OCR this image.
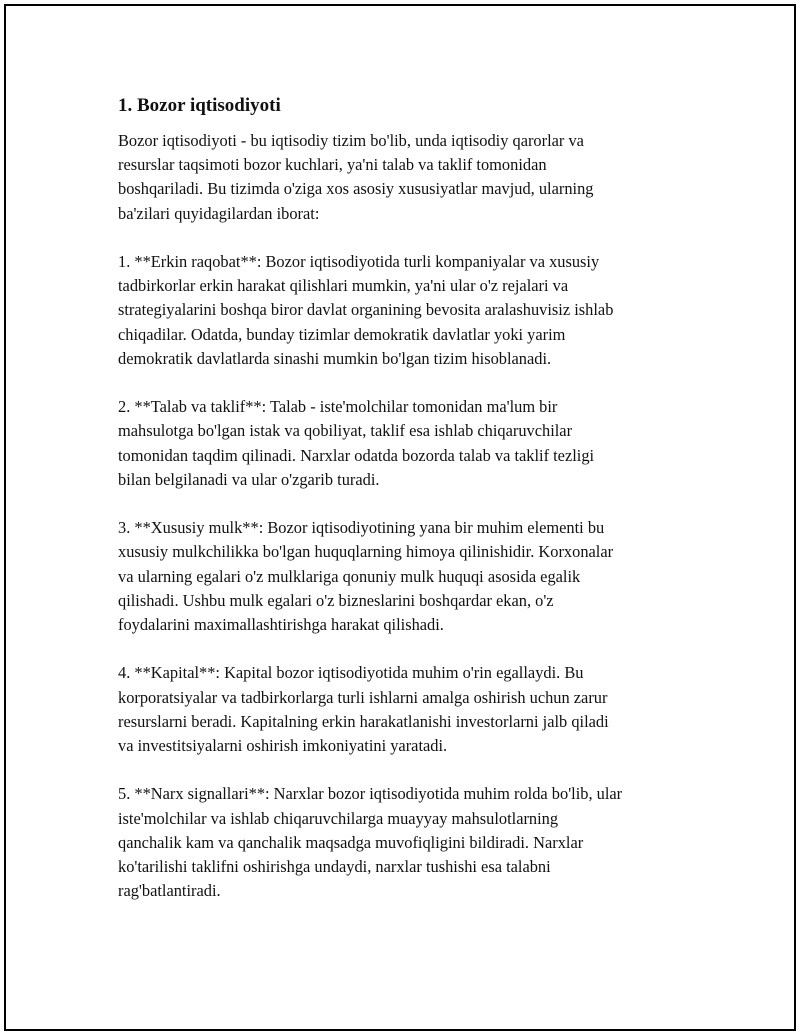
1. Bozor iqtisodiyoti

Bozor iqtisodiyoti - bu iqtisodiy tizim bo'lib, unda iqtisodiy qarorlar va
resurslar taqsimoti bozor kuchlari, ya'ni talab va taklif tomonidan
boshqariladi. Bu tizimda o'ziga xos asosiy xususiyatlar mavjud, ularning
ba'zilari quyidagilardan iborat:

1. **Erkin raqobat**: Bozor iqtisodiyotida turli kompaniyalar va xususiy
tadbirkorlar erkin harakat qilishlari mumkin, ya'ni ular o'z rejalari va
strategiyalarini boshqa biror davlat organining bevosita aralashuvisiz ishlab
chiqadilar. Odatda, bunday tizimlar demokratik davlatlar yoki yarim
demokratik davlatlarda sinashi mumkin bo'lgan tizim hisoblanadi.

2. **Talab va taklif**: Talab - iste'molchilar tomonidan ma'lum bir
mahsulotga bo'lgan istak va qobiliyat, taklif esa ishlab chiqaruvchilar
tomonidan taqdim qilinadi. Narxlar odatda bozorda talab va taklif tezligi
bilan belgilanadi va ular o'zgarib turadi.

3. **Xususiy mulk**: Bozor iqtisodiyotining yana bir muhim elementi bu
xususiy mulkchilikka bo'lgan huquqlarning himoya qilinishidir. Korxonalar
va ularning egalari o'z mulklariga qonuniy mulk huquqi asosida egalik
qilishadi. Ushbu mulk egalari o'z bizneslarini boshqardar ekan, o'z
foydalarini maximallashtirishga harakat qilishadi.

4. **Kapital**: Kapital bozor iqtisodiyotida muhim o'rin egallaydi. Bu
korporatsiyalar va tadbirkorlarga turli ishlarni amalga oshirish uchun zarur
resurslarni beradi. Kapitalning erkin harakatlanishi investorlarni jalb qiladi
va investitsiyalarni oshirish imkoniyatini yaratadi.

5. **Narx signallari**: Narxlar bozor iqtisodiyotida muhim rolda bo'lib, ular
iste'molchilar va ishlab chiqaruvchilarga muayyay mahsulotlarning
qanchalik kam va qanchalik maqsadga muvofiqligini bildiradi. Narxlar
ko'tarilishi taklifni oshirishga undaydi, narxlar tushishi esa talabni
rag'batlantiradi.
